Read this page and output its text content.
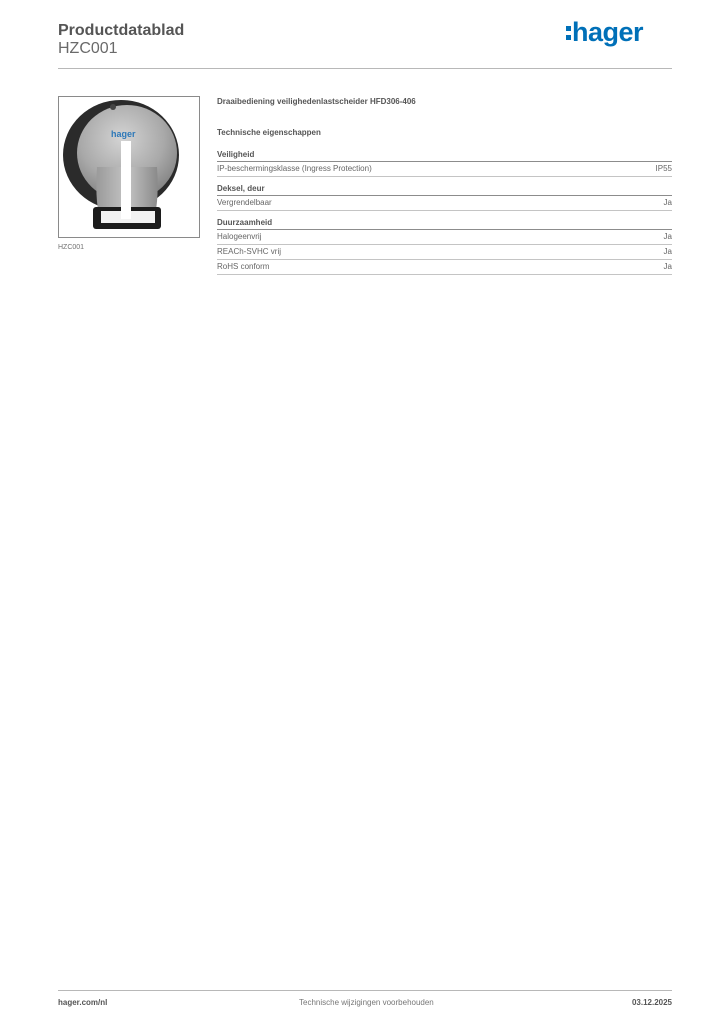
Productdatablad
HZC001
hager
hager
HZC001
Draaibediening veilighedenlastscheider HFD306-406
Technische eigenschappen
Veiligheid
IP-beschermingsklasse (Ingress Protection)	IP55
Deksel, deur
Vergrendelbaar	Ja
Duurzaamheid
Halogeenvrij	Ja
REACh-SVHC vrij	Ja
RoHS conform	Ja
hager.com/nl	Technische wijzigingen voorbehouden	03.12.2025
